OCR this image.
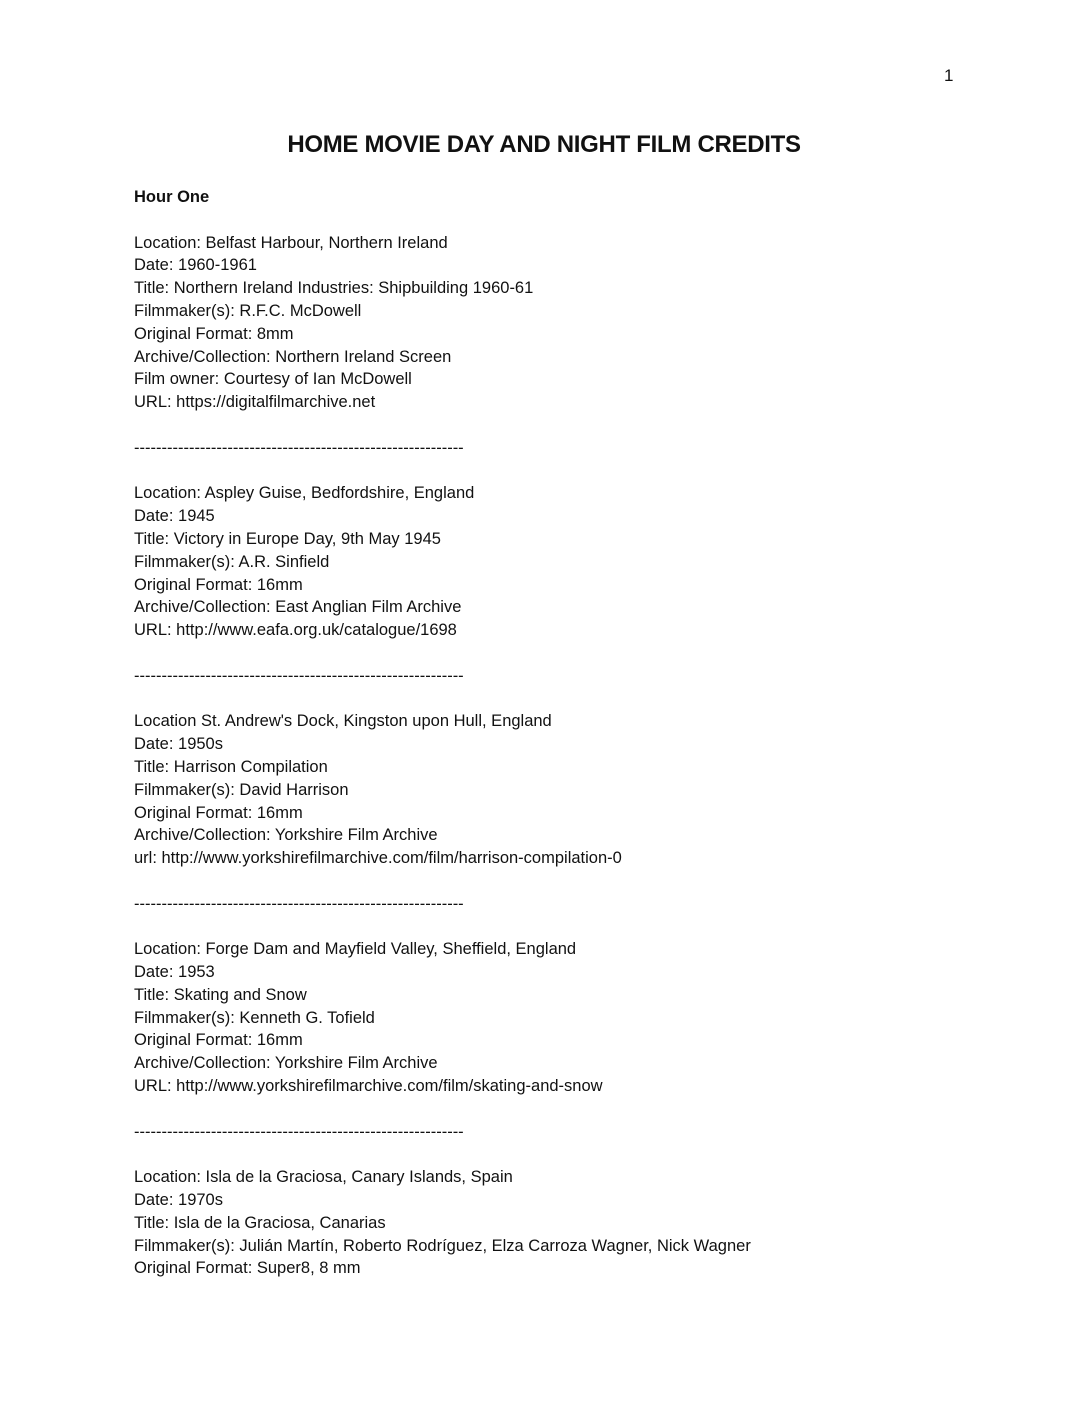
1
HOME MOVIE DAY AND NIGHT FILM CREDITS
Hour One
Location: Belfast Harbour, Northern Ireland
Date: 1960-1961
Title: Northern Ireland Industries: Shipbuilding 1960-61
Filmmaker(s): R.F.C. McDowell
Original Format: 8mm
Archive/Collection: Northern Ireland Screen
Film owner: Courtesy of Ian McDowell
URL: https://digitalfilmarchive.net
------------------------------------------------------------
Location: Aspley Guise, Bedfordshire, England
Date: 1945
Title: Victory in Europe Day, 9th May 1945
Filmmaker(s): A.R. Sinfield
Original Format: 16mm
Archive/Collection: East Anglian Film Archive
URL: http://www.eafa.org.uk/catalogue/1698
------------------------------------------------------------
Location St. Andrew's Dock, Kingston upon Hull, England
Date: 1950s
Title: Harrison Compilation
Filmmaker(s): David Harrison
Original Format: 16mm
Archive/Collection: Yorkshire Film Archive
url: http://www.yorkshirefilmarchive.com/film/harrison-compilation-0
------------------------------------------------------------
Location: Forge Dam and Mayfield Valley, Sheffield, England
Date: 1953
Title: Skating and Snow
Filmmaker(s): Kenneth G. Tofield
Original Format: 16mm
Archive/Collection: Yorkshire Film Archive
URL: http://www.yorkshirefilmarchive.com/film/skating-and-snow
------------------------------------------------------------
Location: Isla de la Graciosa, Canary Islands, Spain
Date: 1970s
Title: Isla de la Graciosa, Canarias
Filmmaker(s): Julián Martín, Roberto Rodríguez, Elza Carroza Wagner, Nick Wagner
Original Format: Super8, 8 mm
